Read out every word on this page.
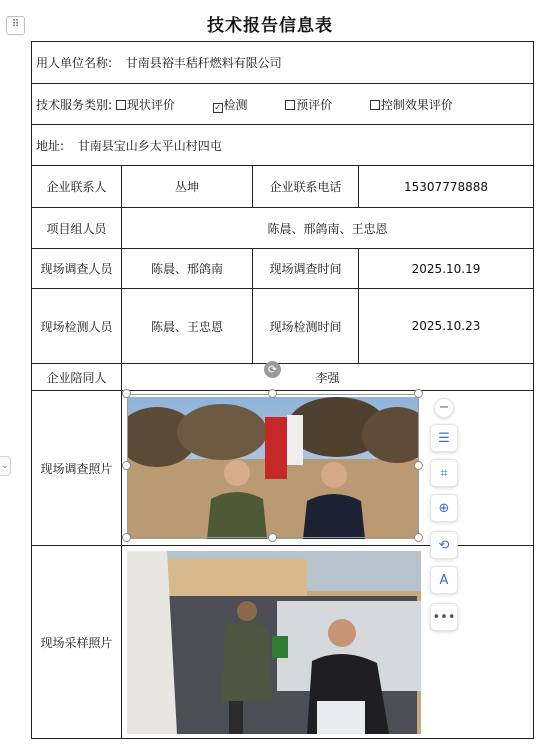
⠿
⌄
技术报告信息表
用人单位名称: 甘南县裕丰秸秆燃料有限公司			
技术服务类别: 现状评价 ✓ 检测 预评价 控制效果评价			
地址: 甘南县宝山乡太平山村四屯			
企业联系人	丛坤	企业联系电话	15307778888
项目组人员	陈晨、邢鸽南、王忠恩		
现场调查人员	陈晨、邢鸽南	现场调查时间	2025.10.19
现场检测人员	陈晨、王忠恩	现场检测时间	2025.10.23
企业陪同人	李强		
现场调查照片	

现场采样照片	
⟳
−
☰
⌗
⊕
⟲
A
•••
